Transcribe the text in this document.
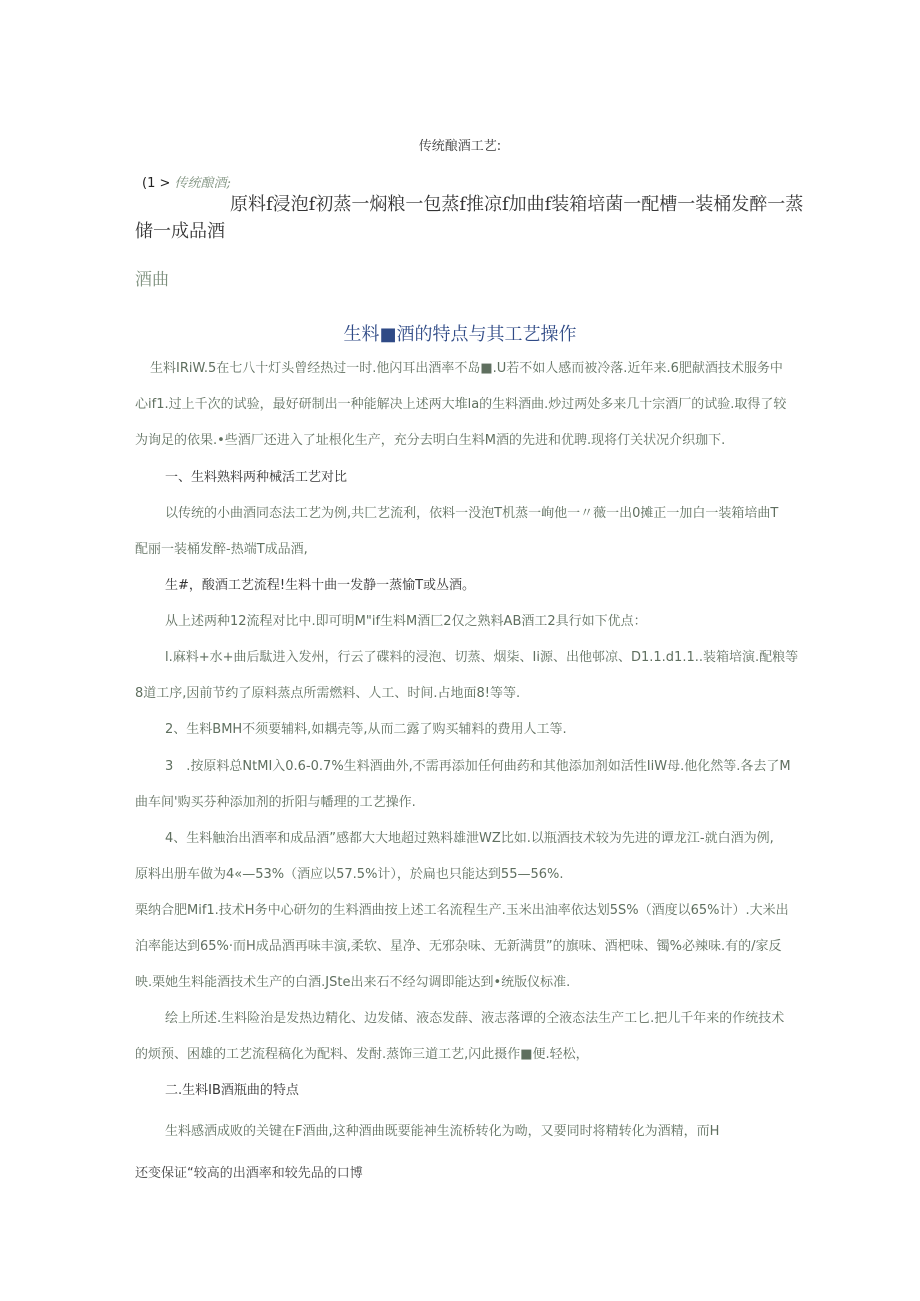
传统酿酒工艺:
(1 > 传统酿酒;
原料f浸泡f初蒸一焖粮一包蒸f推凉f加曲f装箱培菌一配槽一装桶发醉一蒸
储一成品酒
酒曲
生料■酒的特点与其工艺操作
生料IRiW.5在七八十灯头曾经热过一时.他闪耳出酒率不岛■.U若不如人感而被冷落.近年来.6肥献酒技术服务中
心if1.过上千次的试验，最好研制出一种能解决上述两大堆la的生料酒曲.炒过两处多来几十宗酒厂的试验.取得了较
为询足的依果.•些酒厂还进入了址根化生产，充分去明白生料M酒的先进和优聘.现将仃关状况介织珈下.
一、生料熟料两种械活工艺对比
以传统的小曲酒同态法工艺为例,共匚艺流利，依料一没泡T机蒸一峋他一〃薇一出0摊正一加白一装箱培曲T
配丽一装桶发醉-热端T成品酒,
生#，酸酒工艺流程!生料十曲一发静一蒸愉T或丛酒。
从上述两种12流程对比中.即可明M"if生料M酒匚2仅之熟料AB酒工2具行如下优点：
l.麻料+水+曲后駄进入发州，行云了碟料的浸泡、切蒸、烟柒、Ii源、出他邨凉、D1.1.d1.1..装箱培演.配粮等
8道工序,因前节约了原料蒸点所需燃料、人工、时间.占地面8!等等.
2、生料BMH不须要辅料,如耦壳等,从而二露了购买辅料的费用人工等.
3　.按原料总NtMI入0.6-0.7%生料酒曲外,不需再添加任何曲药和其他添加剂如活性IiW母.他化然等.各去了M
曲车间'购买芬种添加剂的折阳与幡理的工艺操作.
4、生料触治出酒率和成品酒”感都大大地超过熟料雄泄WZ比如.以瓶酒技术较为先进的谭龙江-就白酒为例,
原料出册车做为4«—53%（酒应以57.5%计），於扁也只能达到55—56%.
栗纳合肥Mif1.技术H务中心研勿的生料酒曲按上述工名流程生产.玉米出油率依达划5S%（酒度以65%计）.大米出
泊率能达到65%·而H成品酒再味丰演,柔软、星净、无邪杂味、无新满贯”的旗味、酒杷味、镯%必辣味.有的/家反
映.栗她生料能酒技术生产的白酒.JSte出来石不经勾调即能达到•统版仪标准.
绘上所述.生料险治是发热边精化、边发储、液态发薛、液志落谭的仝液态法生产工匕.把儿千年来的作统技术
的烦预、困雄的工艺流程稿化为配料、发酎.蒸饰三道工艺,闪此摄作■便.轻松，
二.生料IB酒瓶曲的特点
生料感洒成败的关键在F酒曲,这种酒曲既要能神生流桥转化为呦，又要同时将精转化为酒精，而H
还变保证“较高的出酒率和较先品的口博
